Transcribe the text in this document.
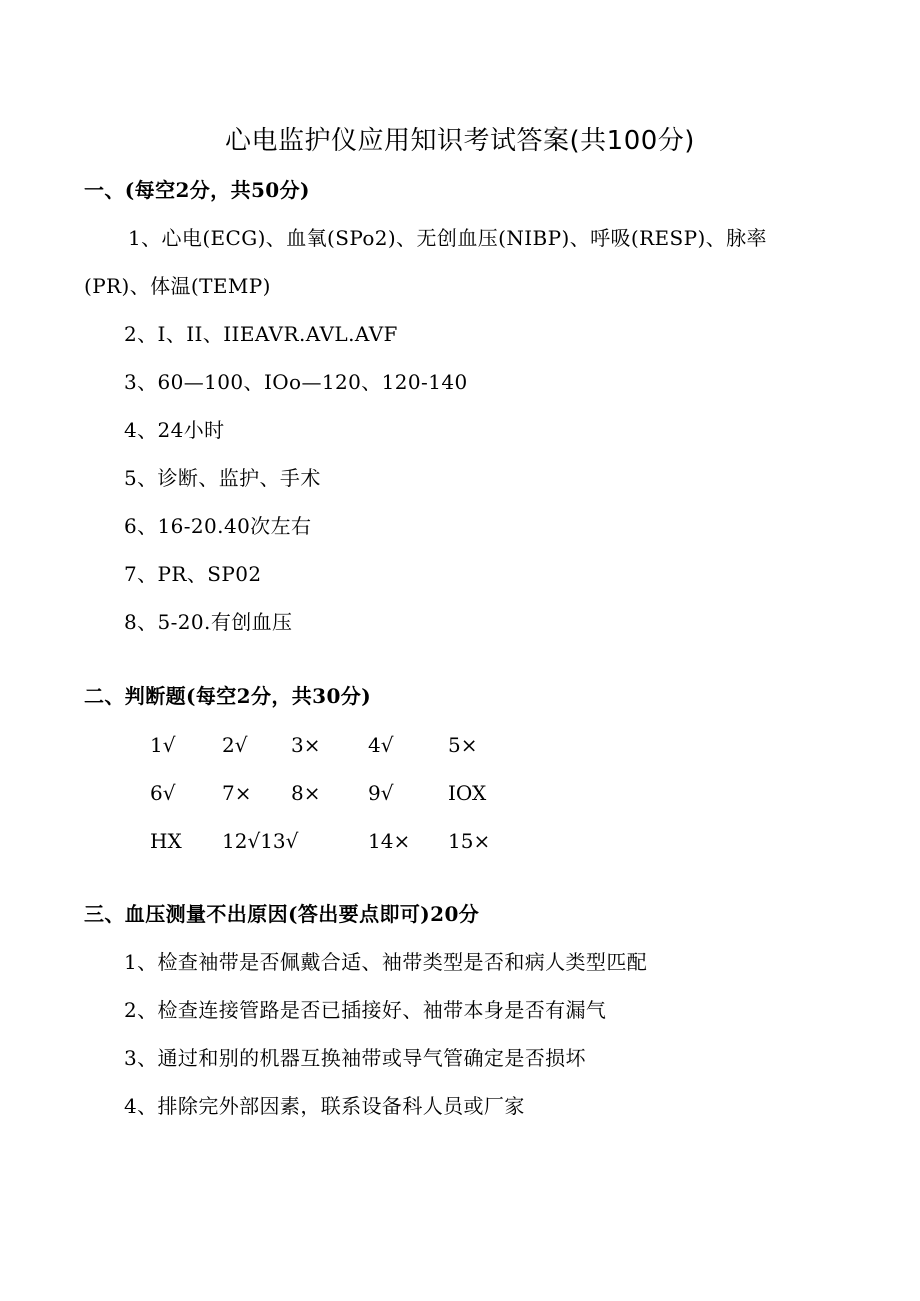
心电监护仪应用知识考试答案(共100分)
一、(每空2分，共50分)
1、心电(ECG)、血氧(SPo2)、无创血压(NIBP)、呼吸(RESP)、脉率
(PR)、体温(TEMP)
2、I、II、IIEAVR.AVL.AVF
3、60—100、IOo—120、120-140
4、24小时
5、诊断、监护、手术
6、16-20.40次左右
7、PR、SP02
8、5-20.有创血压
二、判断题(每空2分，共30分)
1√ 2√ 3× 4√	5×
6√ 7× 8× 9√	IOX
HX 12√13√	14× 15×
三、血压测量不出原因(答出要点即可)20分
1、检查袖带是否佩戴合适、袖带类型是否和病人类型匹配
2、检查连接管路是否已插接好、袖带本身是否有漏气
3、通过和别的机器互换袖带或导气管确定是否损坏
4、排除完外部因素，联系设备科人员或厂家
